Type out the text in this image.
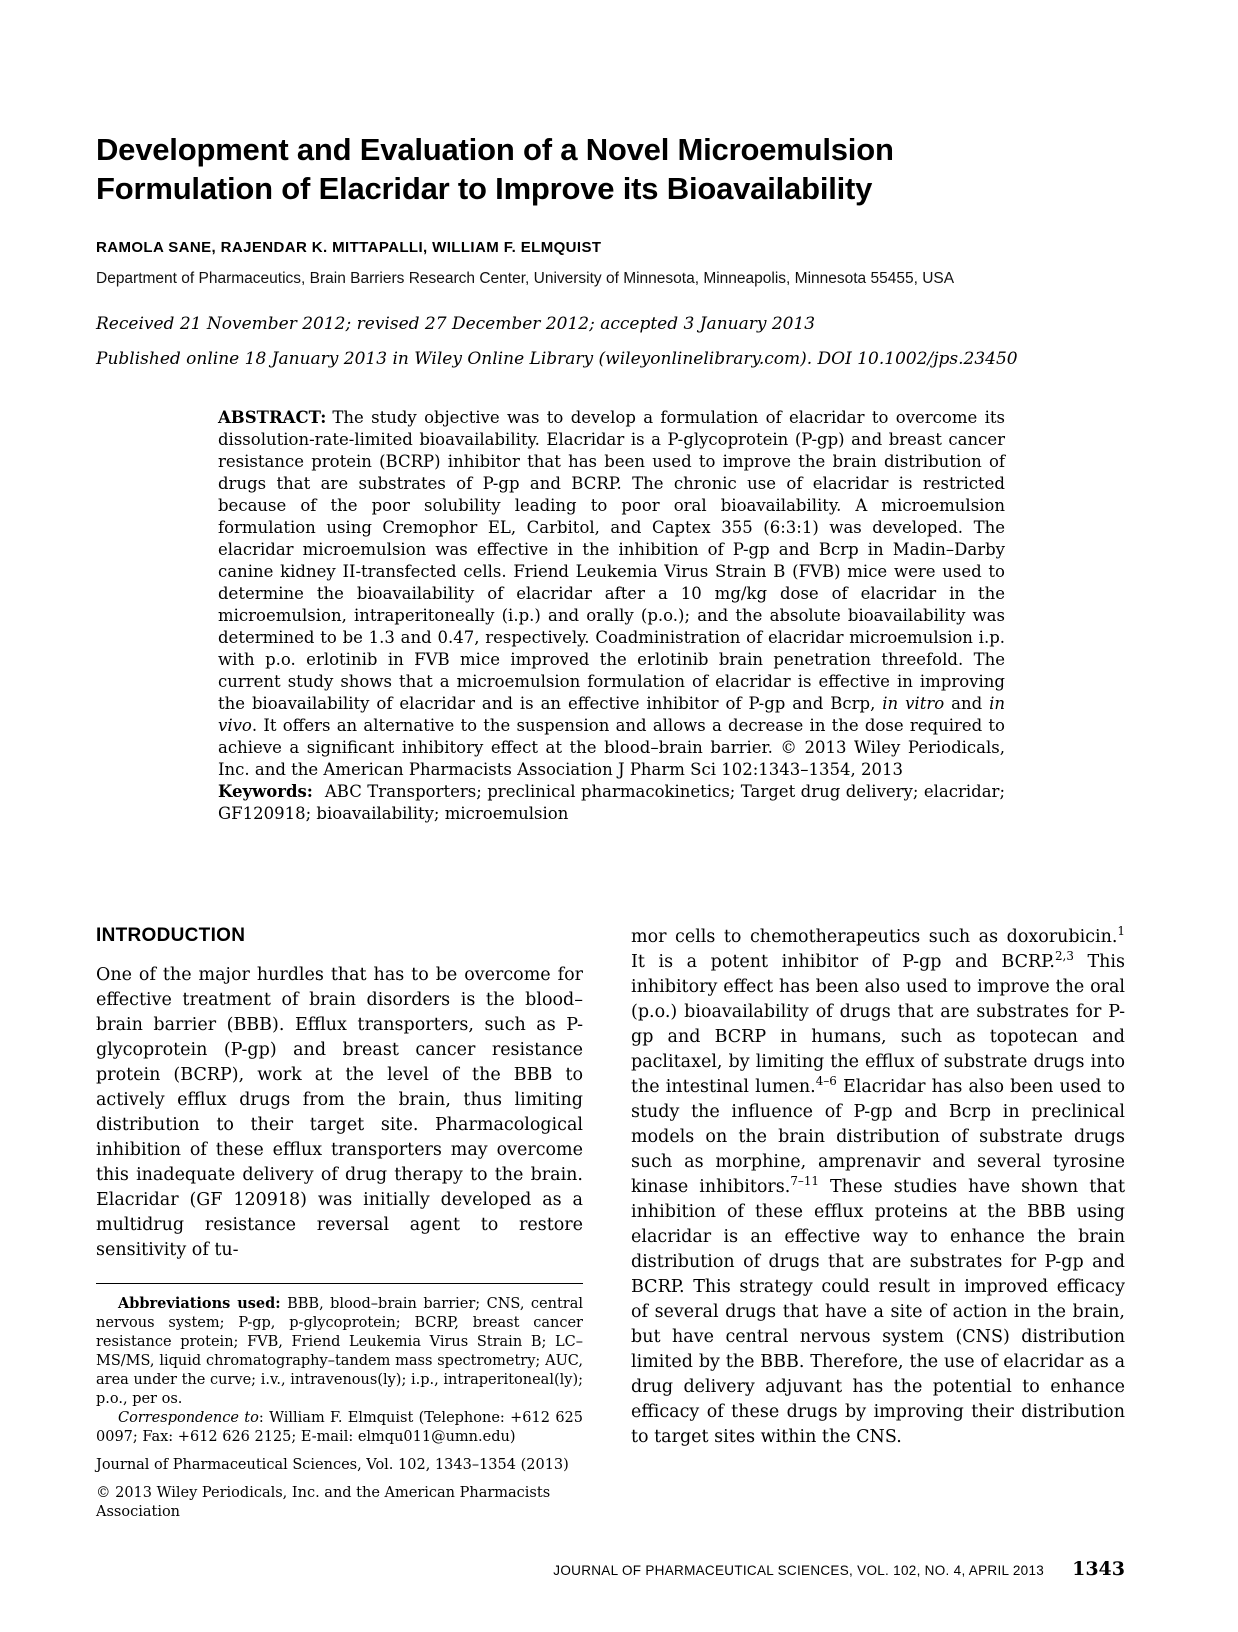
Development and Evaluation of a Novel Microemulsion Formulation of Elacridar to Improve its Bioavailability
RAMOLA SANE, RAJENDAR K. MITTAPALLI, WILLIAM F. ELMQUIST
Department of Pharmaceutics, Brain Barriers Research Center, University of Minnesota, Minneapolis, Minnesota 55455, USA
Received 21 November 2012; revised 27 December 2012; accepted 3 January 2013
Published online 18 January 2013 in Wiley Online Library (wileyonlinelibrary.com). DOI 10.1002/jps.23450

ABSTRACT: The study objective was to develop a formulation of elacridar to overcome its dissolution-rate-limited bioavailability. Elacridar is a P-glycoprotein (P-gp) and breast cancer resistance protein (BCRP) inhibitor that has been used to improve the brain distribution of drugs that are substrates of P-gp and BCRP. The chronic use of elacridar is restricted because of the poor solubility leading to poor oral bioavailability. A microemulsion formulation using Cremophor EL, Carbitol, and Captex 355 (6:3:1) was developed. The elacridar microemulsion was effective in the inhibition of P-gp and Bcrp in Madin–Darby canine kidney II-transfected cells. Friend Leukemia Virus Strain B (FVB) mice were used to determine the bioavailability of elacridar after a 10 mg/kg dose of elacridar in the microemulsion, intraperitoneally (i.p.) and orally (p.o.); and the absolute bioavailability was determined to be 1.3 and 0.47, respectively. Coadministration of elacridar microemulsion i.p. with p.o. erlotinib in FVB mice improved the erlotinib brain penetration threefold. The current study shows that a microemulsion formulation of elacridar is effective in improving the bioavailability of elacridar and is an effective inhibitor of P-gp and Bcrp, in vitro and in vivo. It offers an alternative to the suspension and allows a decrease in the dose required to achieve a significant inhibitory effect at the blood–brain barrier. © 2013 Wiley Periodicals, Inc. and the American Pharmacists Association J Pharm Sci 102:1343–1354, 2013

Keywords: ABC Transporters; preclinical pharmacokinetics; Target drug delivery; elacridar; GF120918; bioavailability; microemulsion

INTRODUCTION

One of the major hurdles that has to be overcome for effective treatment of brain disorders is the blood–brain barrier (BBB). Efflux transporters, such as P-glycoprotein (P-gp) and breast cancer resistance protein (BCRP), work at the level of the BBB to actively efflux drugs from the brain, thus limiting distribution to their target site. Pharmacological inhibition of these efflux transporters may overcome this inadequate delivery of drug therapy to the brain. Elacridar (GF 120918) was initially developed as a multidrug resistance reversal agent to restore sensitivity of tu-

Abbreviations used: BBB, blood–brain barrier; CNS, central nervous system; P-gp, p-glycoprotein; BCRP, breast cancer resistance protein; FVB, Friend Leukemia Virus Strain B; LC–MS/MS, liquid chromatography–tandem mass spectrometry; AUC, area under the curve; i.v., intravenous(ly); i.p., intraperitoneal(ly); p.o., per os.

Correspondence to: William F. Elmquist (Telephone: +612 625 0097; Fax: +612 626 2125; E-mail: elmqu011@umn.edu)

Journal of Pharmaceutical Sciences, Vol. 102, 1343–1354 (2013)

© 2013 Wiley Periodicals, Inc. and the American Pharmacists Association

mor cells to chemotherapeutics such as doxorubicin.$^1$ It is a potent inhibitor of P-gp and BCRP.$^{2,3}$ This inhibitory effect has been also used to improve the oral (p.o.) bioavailability of drugs that are substrates for P-gp and BCRP in humans, such as topotecan and paclitaxel, by limiting the efflux of substrate drugs into the intestinal lumen.$^{4-6}$ Elacridar has also been used to study the influence of P-gp and Bcrp in preclinical models on the brain distribution of substrate drugs such as morphine, amprenavir and several tyrosine kinase inhibitors.$^{7-11}$ These studies have shown that inhibition of these efflux proteins at the BBB using elacridar is an effective way to enhance the brain distribution of drugs that are substrates for P-gp and BCRP. This strategy could result in improved efficacy of several drugs that have a site of action in the brain, but have central nervous system (CNS) distribution limited by the BBB. Therefore, the use of elacridar as a drug delivery adjuvant has the potential to enhance efficacy of these drugs by improving their distribution to target sites within the CNS.

JOURNAL OF PHARMACEUTICAL SCIENCES, VOL. 102, NO. 4, APRIL 2013 1343
